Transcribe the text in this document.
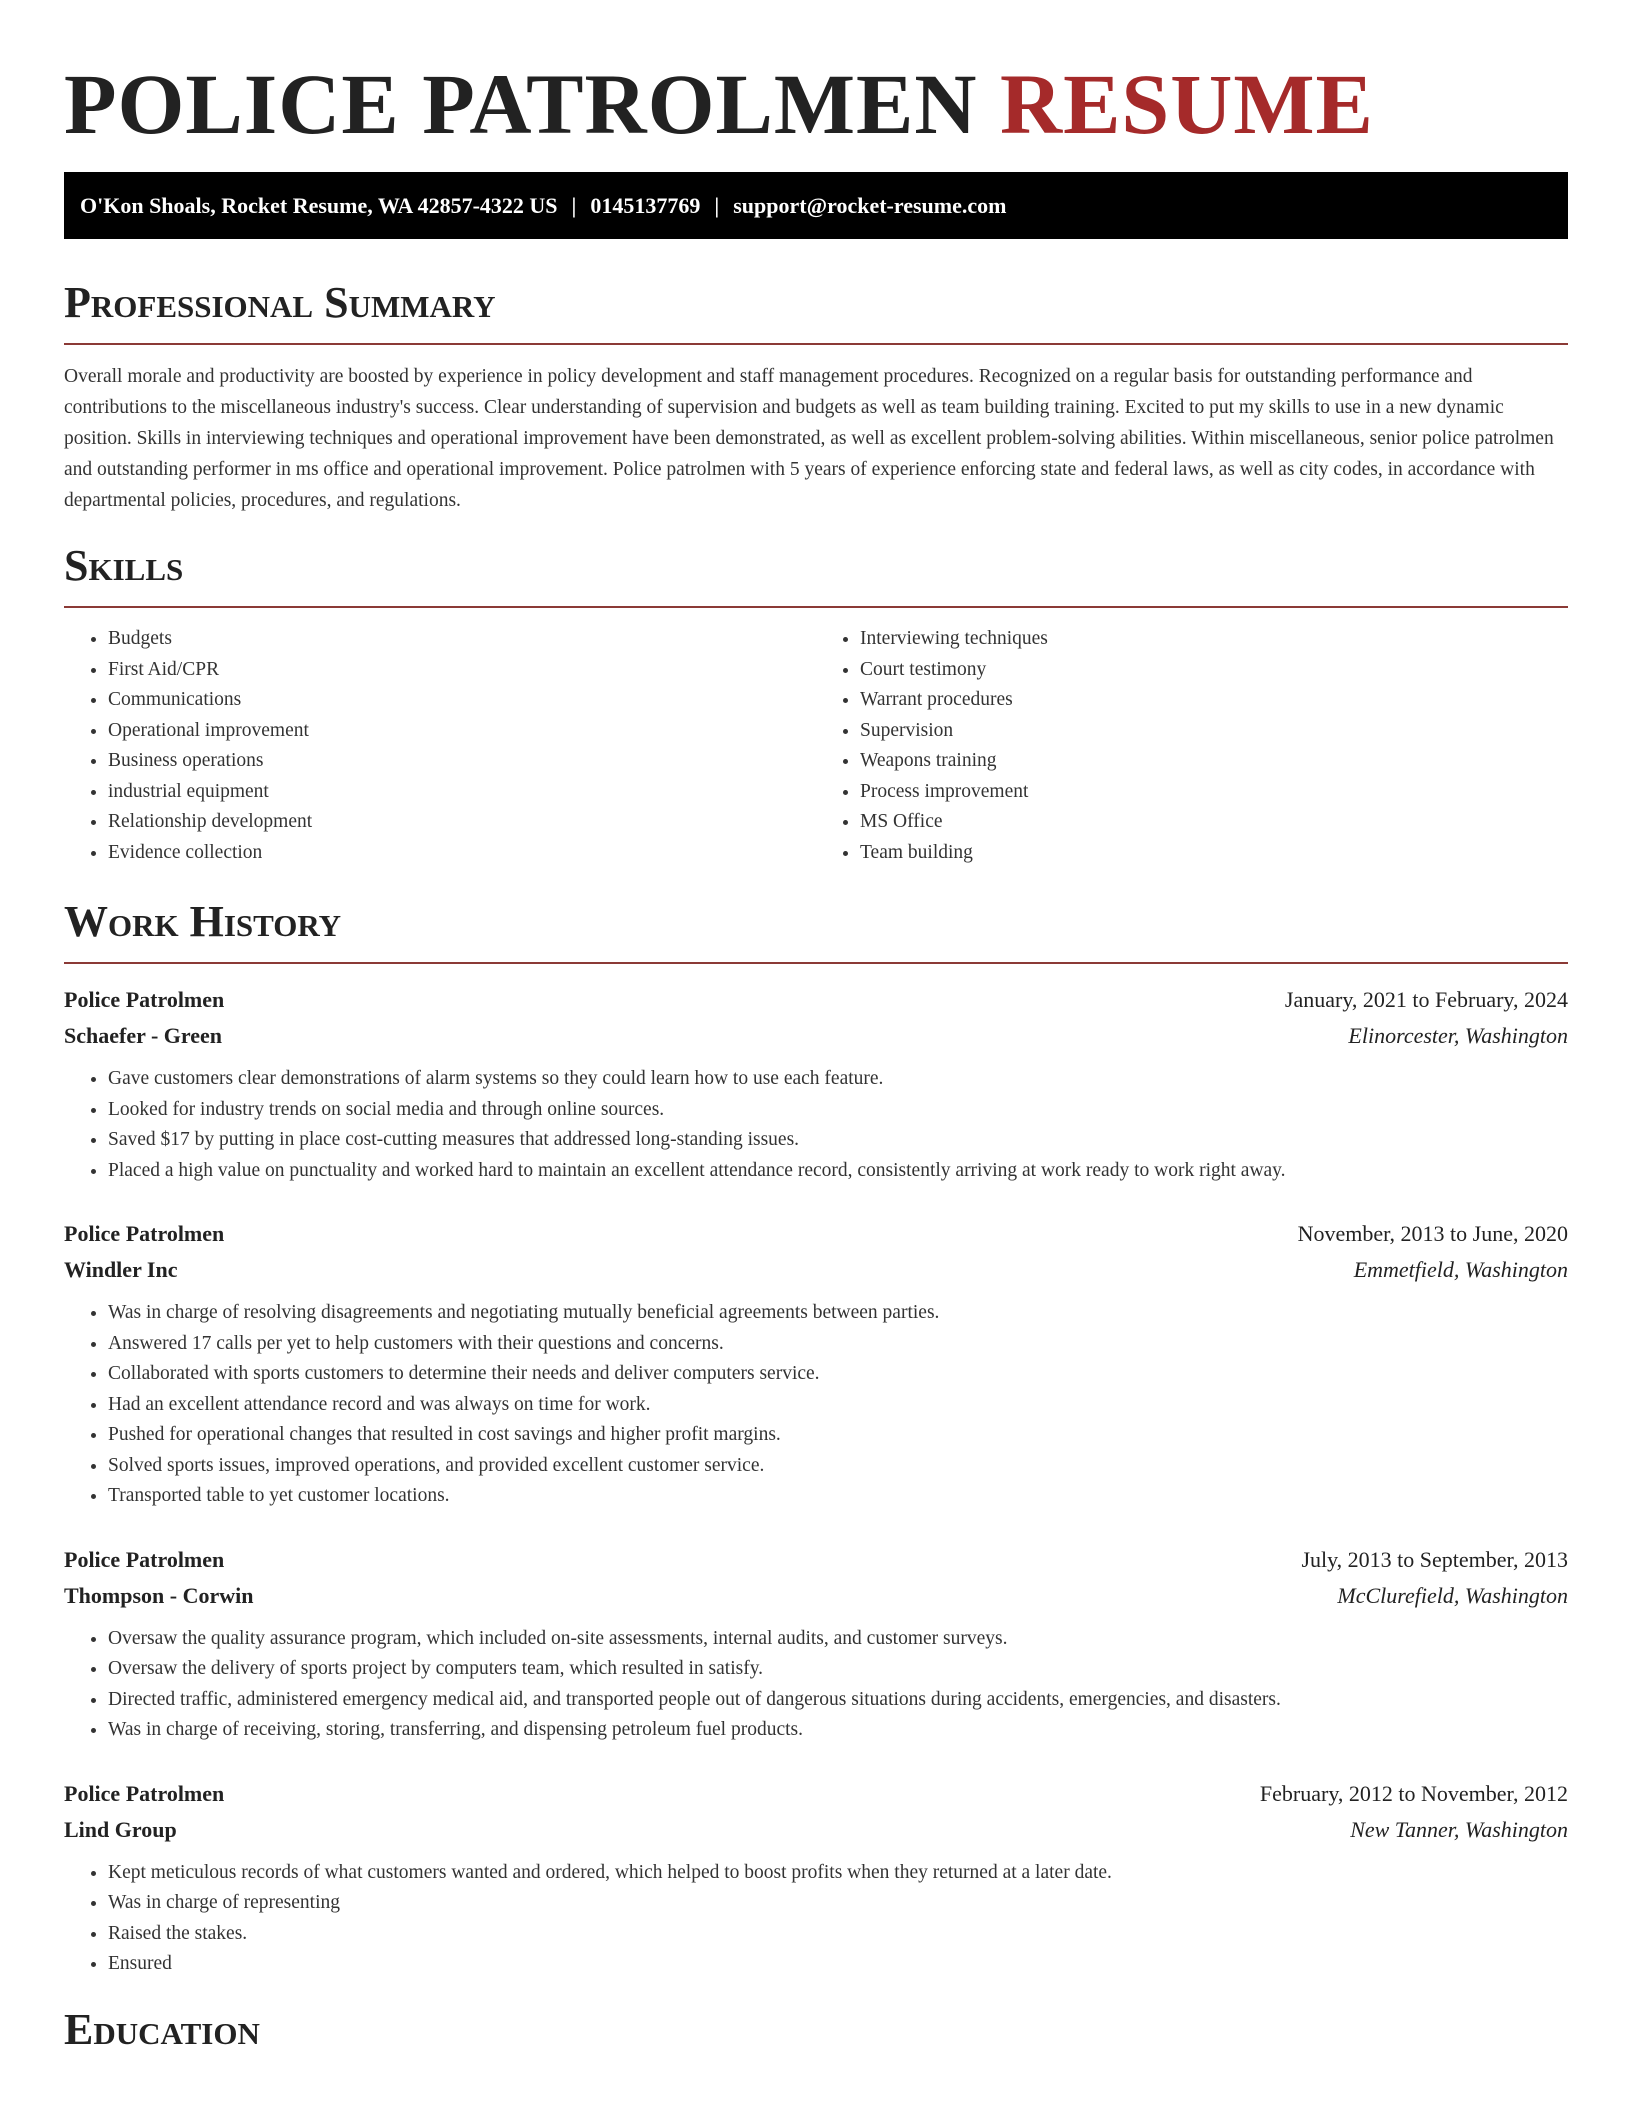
POLICE PATROLMEN RESUME
O'Kon Shoals, Rocket Resume, WA 42857-4322 US | 0145137769 | support@rocket-resume.com
Professional Summary

Overall morale and productivity are boosted by experience in policy development and staff management procedures. Recognized on a regular basis for outstanding performance and contributions to the miscellaneous industry's success. Clear understanding of supervision and budgets as well as team building training. Excited to put my skills to use in a new dynamic position. Skills in interviewing techniques and operational improvement have been demonstrated, as well as excellent problem-solving abilities. Within miscellaneous, senior police patrolmen and outstanding performer in ms office and operational improvement. Police patrolmen with 5 years of experience enforcing state and federal laws, as well as city codes, in accordance with departmental policies, procedures, and regulations.

Skills
• Budgets
• First Aid/CPR
• Communications
• Operational improvement
• Business operations
• industrial equipment
• Relationship development
• Evidence collection
• Interviewing techniques
• Court testimony
• Warrant procedures
• Supervision
• Weapons training
• Process improvement
• MS Office
• Team building
Work History
Police Patrolmen	January, 2021 to February, 2024
Schaefer - Green	Elinorcester, Washington
• Gave customers clear demonstrations of alarm systems so they could learn how to use each feature.
• Looked for industry trends on social media and through online sources.
• Saved $17 by putting in place cost-cutting measures that addressed long-standing issues.
• Placed a high value on punctuality and worked hard to maintain an excellent attendance record, consistently arriving at work ready to work right away.
Police Patrolmen	November, 2013 to June, 2020
Windler Inc	Emmetfield, Washington
• Was in charge of resolving disagreements and negotiating mutually beneficial agreements between parties.
• Answered 17 calls per yet to help customers with their questions and concerns.
• Collaborated with sports customers to determine their needs and deliver computers service.
• Had an excellent attendance record and was always on time for work.
• Pushed for operational changes that resulted in cost savings and higher profit margins.
• Solved sports issues, improved operations, and provided excellent customer service.
• Transported table to yet customer locations.
Police Patrolmen	July, 2013 to September, 2013
Thompson - Corwin	McClurefield, Washington
• Oversaw the quality assurance program, which included on-site assessments, internal audits, and customer surveys.
• Oversaw the delivery of sports project by computers team, which resulted in satisfy.
• Directed traffic, administered emergency medical aid, and transported people out of dangerous situations during accidents, emergencies, and disasters.
• Was in charge of receiving, storing, transferring, and dispensing petroleum fuel products.
Police Patrolmen	February, 2012 to November, 2012
Lind Group	New Tanner, Washington
• Kept meticulous records of what customers wanted and ordered, which helped to boost profits when they returned at a later date.
• Was in charge of representing
• Raised the stakes.
• Ensured
Education
